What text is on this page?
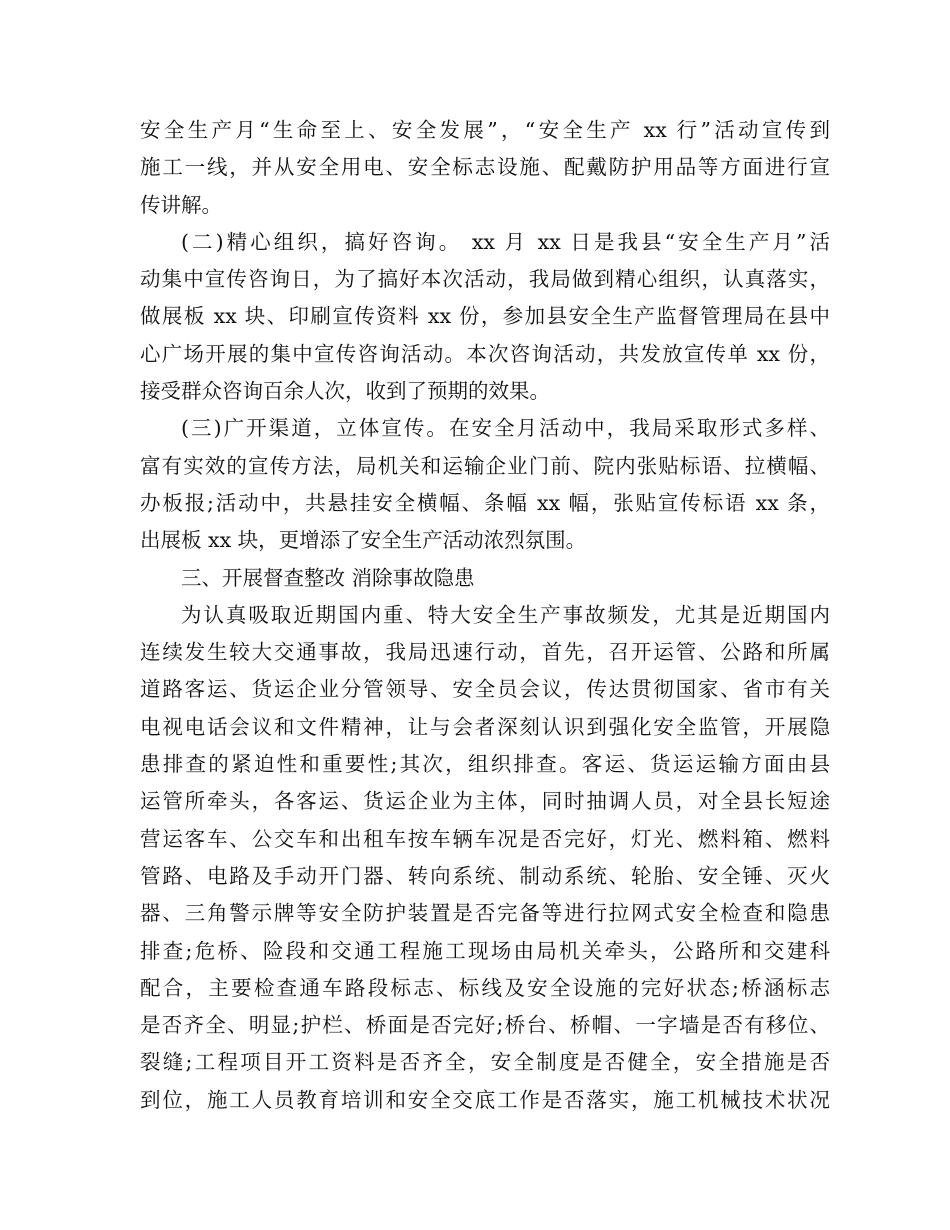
安全生产月“生命至上、安全发展”，“安全生产 xx 行”活动宣传到
施工一线，并从安全用电、安全标志设施、配戴防护用品等方面进行宣
传讲解。
(二)精心组织，搞好咨询。 xx 月 xx 日是我县“安全生产月”活
动集中宣传咨询日，为了搞好本次活动，我局做到精心组织，认真落实，
做展板 xx 块、印刷宣传资料 xx 份，参加县安全生产监督管理局在县中
心广场开展的集中宣传咨询活动。本次咨询活动，共发放宣传单 xx 份，
接受群众咨询百余人次，收到了预期的效果。
(三)广开渠道，立体宣传。在安全月活动中，我局采取形式多样、
富有实效的宣传方法，局机关和运输企业门前、院内张贴标语、拉横幅、
办板报;活动中，共悬挂安全横幅、条幅 xx 幅，张贴宣传标语 xx 条，
出展板 xx 块，更增添了安全生产活动浓烈氛围。
三、开展督查整改 消除事故隐患
为认真吸取近期国内重、特大安全生产事故频发，尤其是近期国内
连续发生较大交通事故，我局迅速行动，首先，召开运管、公路和所属
道路客运、货运企业分管领导、安全员会议，传达贯彻国家、省市有关
电视电话会议和文件精神，让与会者深刻认识到强化安全监管，开展隐
患排查的紧迫性和重要性;其次，组织排查。客运、货运运输方面由县
运管所牵头，各客运、货运企业为主体，同时抽调人员，对全县长短途
营运客车、公交车和出租车按车辆车况是否完好，灯光、燃料箱、燃料
管路、电路及手动开门器、转向系统、制动系统、轮胎、安全锤、灭火
器、三角警示牌等安全防护装置是否完备等进行拉网式安全检查和隐患
排查;危桥、险段和交通工程施工现场由局机关牵头，公路所和交建科
配合，主要检查通车路段标志、标线及安全设施的完好状态;桥涵标志
是否齐全、明显;护栏、桥面是否完好;桥台、桥帽、一字墙是否有移位、
裂缝;工程项目开工资料是否齐全，安全制度是否健全，安全措施是否
到位，施工人员教育培训和安全交底工作是否落实，施工机械技术状况
